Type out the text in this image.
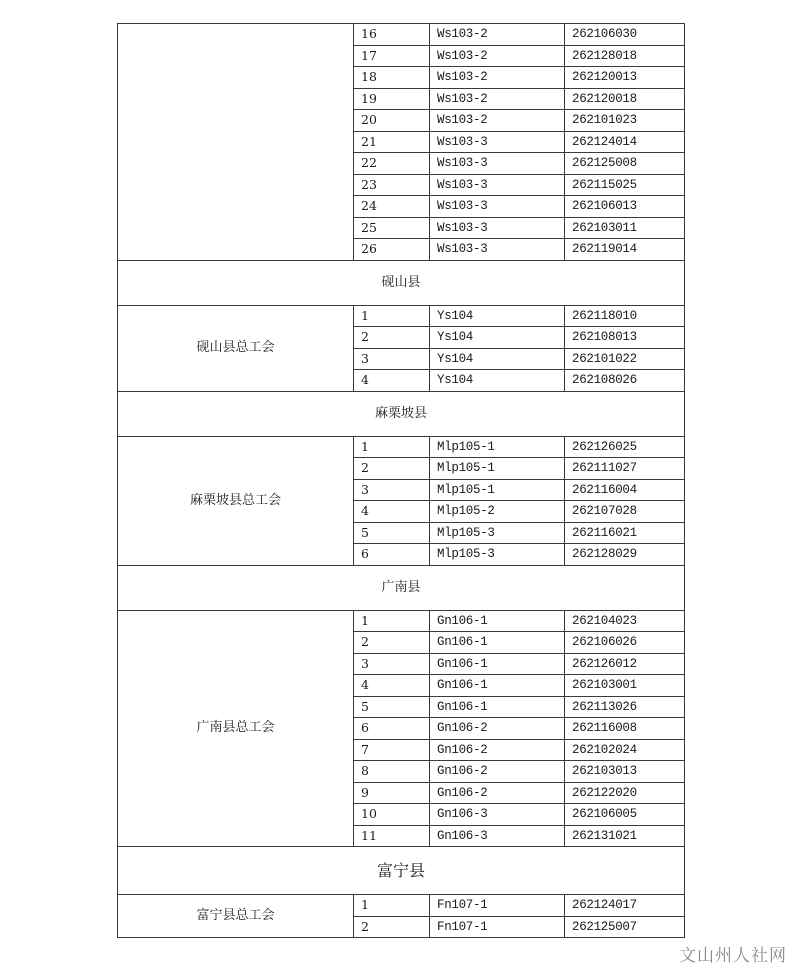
	16	Ws103-2	262106030
	17	Ws103-2	262128018
	18	Ws103-2	262120013
	19	Ws103-2	262120018
	20	Ws103-2	262101023
	21	Ws103-3	262124014
	22	Ws103-3	262125008
	23	Ws103-3	262115025
	24	Ws103-3	262106013
	25	Ws103-3	262103011
	26	Ws103-3	262119014
砚山县			
砚山县总工会	1	Ys104	262118010
	2	Ys104	262108013
	3	Ys104	262101022
	4	Ys104	262108026
麻栗坡县			
麻栗坡县总工会	1	Mlp105-1	262126025
	2	Mlp105-1	262111027
	3	Mlp105-1	262116004
	4	Mlp105-2	262107028
	5	Mlp105-3	262116021
	6	Mlp105-3	262128029
广南县			
广南县总工会	1	Gn106-1	262104023
	2	Gn106-1	262106026
	3	Gn106-1	262126012
	4	Gn106-1	262103001
	5	Gn106-1	262113026
	6	Gn106-2	262116008
	7	Gn106-2	262102024
	8	Gn106-2	262103013
	9	Gn106-2	262122020
	10	Gn106-3	262106005
	11	Gn106-3	262131021
富宁县			
富宁县总工会	1	Fn107-1	262124017
	2	Fn107-1	262125007
文山州人社网
